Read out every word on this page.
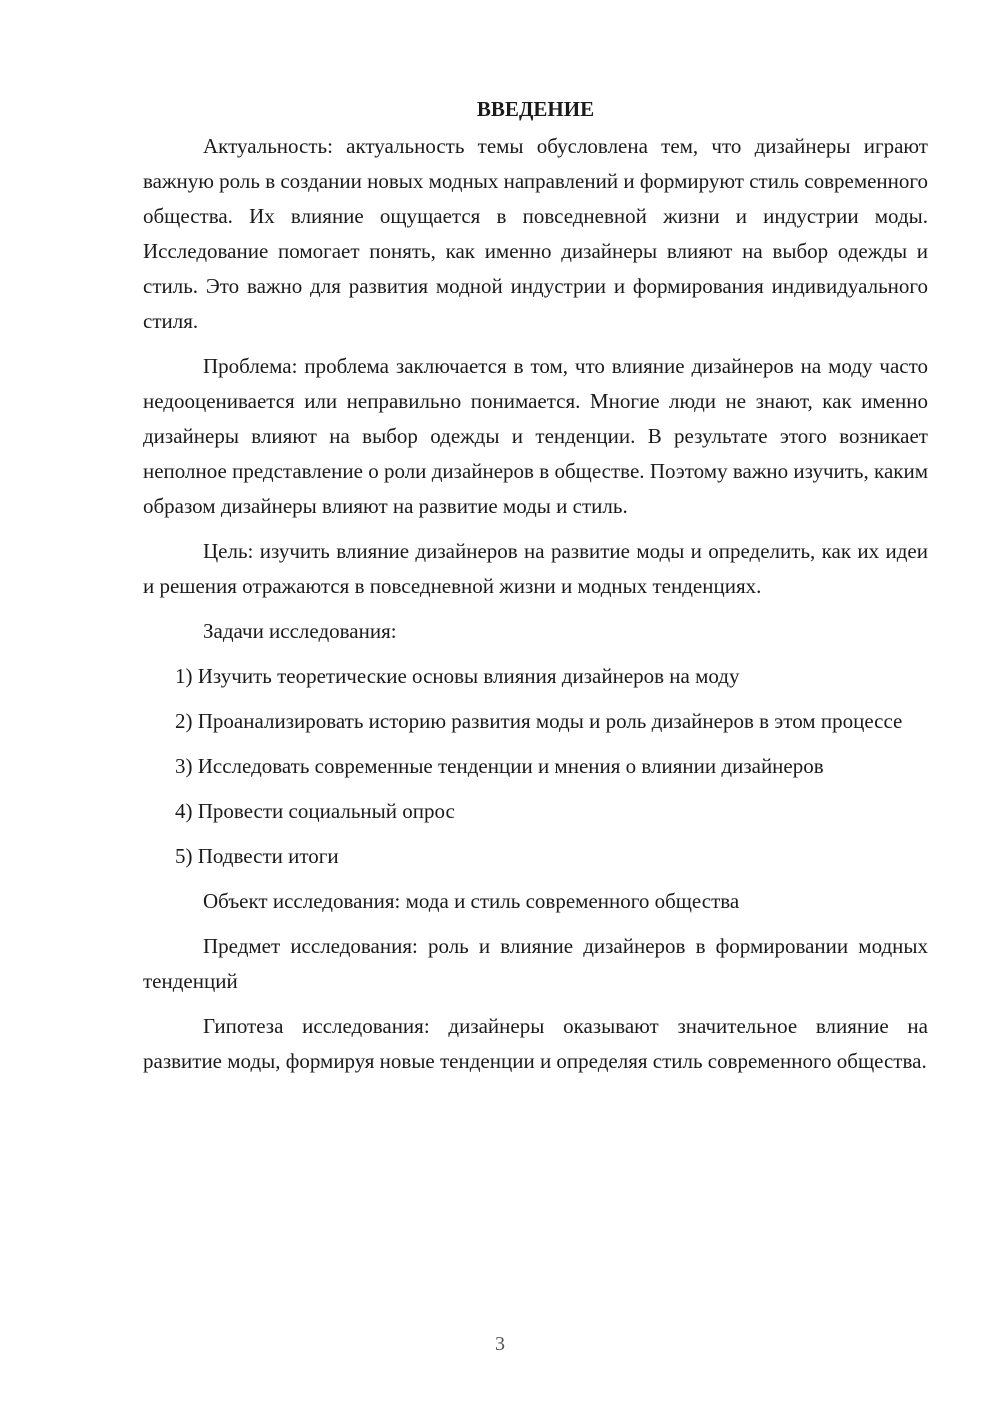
ВВЕДЕНИЕ

Актуальность: актуальность темы обусловлена тем, что дизайнеры играют важную роль в создании новых модных направлений и формируют стиль современного общества. Их влияние ощущается в повседневной жизни и индустрии моды. Исследование помогает понять, как именно дизайнеры влияют на выбор одежды и стиль. Это важно для развития модной индустрии и формирования индивидуального стиля.

Проблема: проблема заключается в том, что влияние дизайнеров на моду часто недооценивается или неправильно понимается. Многие люди не знают, как именно дизайнеры влияют на выбор одежды и тенденции. В результате этого возникает неполное представление о роли дизайнеров в обществе. Поэтому важно изучить, каким образом дизайнеры влияют на развитие моды и стиль.

Цель: изучить влияние дизайнеров на развитие моды и определить, как их идеи и решения отражаются в повседневной жизни и модных тенденциях.

Задачи исследования:

1) Изучить теоретические основы влияния дизайнеров на моду

2) Проанализировать историю развития моды и роль дизайнеров в этом процессе

3) Исследовать современные тенденции и мнения о влиянии дизайнеров

4) Провести социальный опрос

5) Подвести итоги

Объект исследования: мода и стиль современного общества

Предмет исследования: роль и влияние дизайнеров в формировании модных тенденций

Гипотеза исследования: дизайнеры оказывают значительное влияние на развитие моды, формируя новые тенденции и определяя стиль современного общества.

3
